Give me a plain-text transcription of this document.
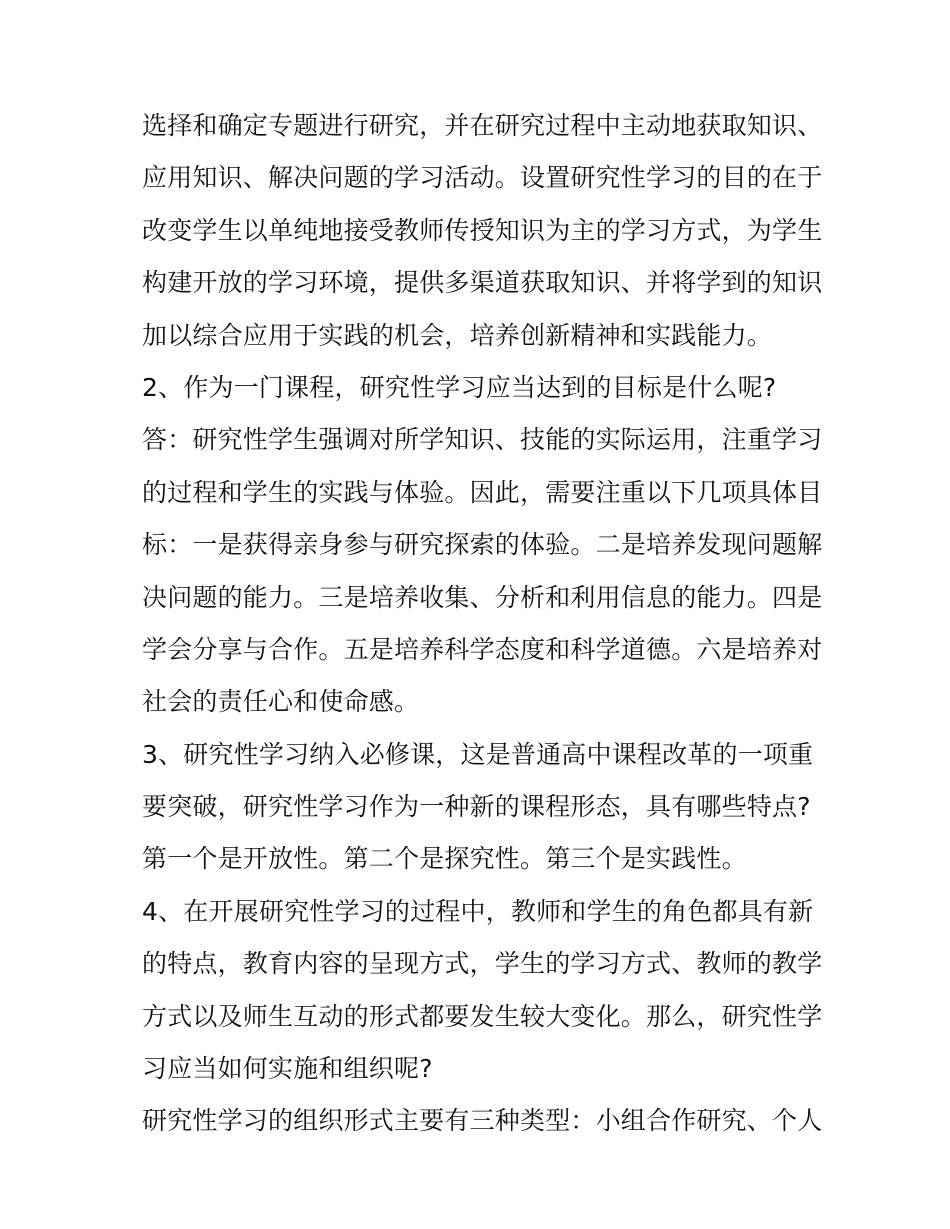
选择和确定专题进行研究，并在研究过程中主动地获取知识、
应用知识、解决问题的学习活动。设置研究性学习的目的在于
改变学生以单纯地接受教师传授知识为主的学习方式，为学生
构建开放的学习环境，提供多渠道获取知识、并将学到的知识
加以综合应用于实践的机会，培养创新精神和实践能力。
2、作为一门课程，研究性学习应当达到的目标是什么呢?
答：研究性学生强调对所学知识、技能的实际运用，注重学习
的过程和学生的实践与体验。因此，需要注重以下几项具体目
标：一是获得亲身参与研究探索的体验。二是培养发现问题解
决问题的能力。三是培养收集、分析和利用信息的能力。四是
学会分享与合作。五是培养科学态度和科学道德。六是培养对
社会的责任心和使命感。
3、研究性学习纳入必修课，这是普通高中课程改革的一项重
要突破，研究性学习作为一种新的课程形态，具有哪些特点?
第一个是开放性。第二个是探究性。第三个是实践性。
4、在开展研究性学习的过程中，教师和学生的角色都具有新
的特点，教育内容的呈现方式，学生的学习方式、教师的教学
方式以及师生互动的形式都要发生较大变化。那么，研究性学
习应当如何实施和组织呢?
研究性学习的组织形式主要有三种类型：小组合作研究、个人
